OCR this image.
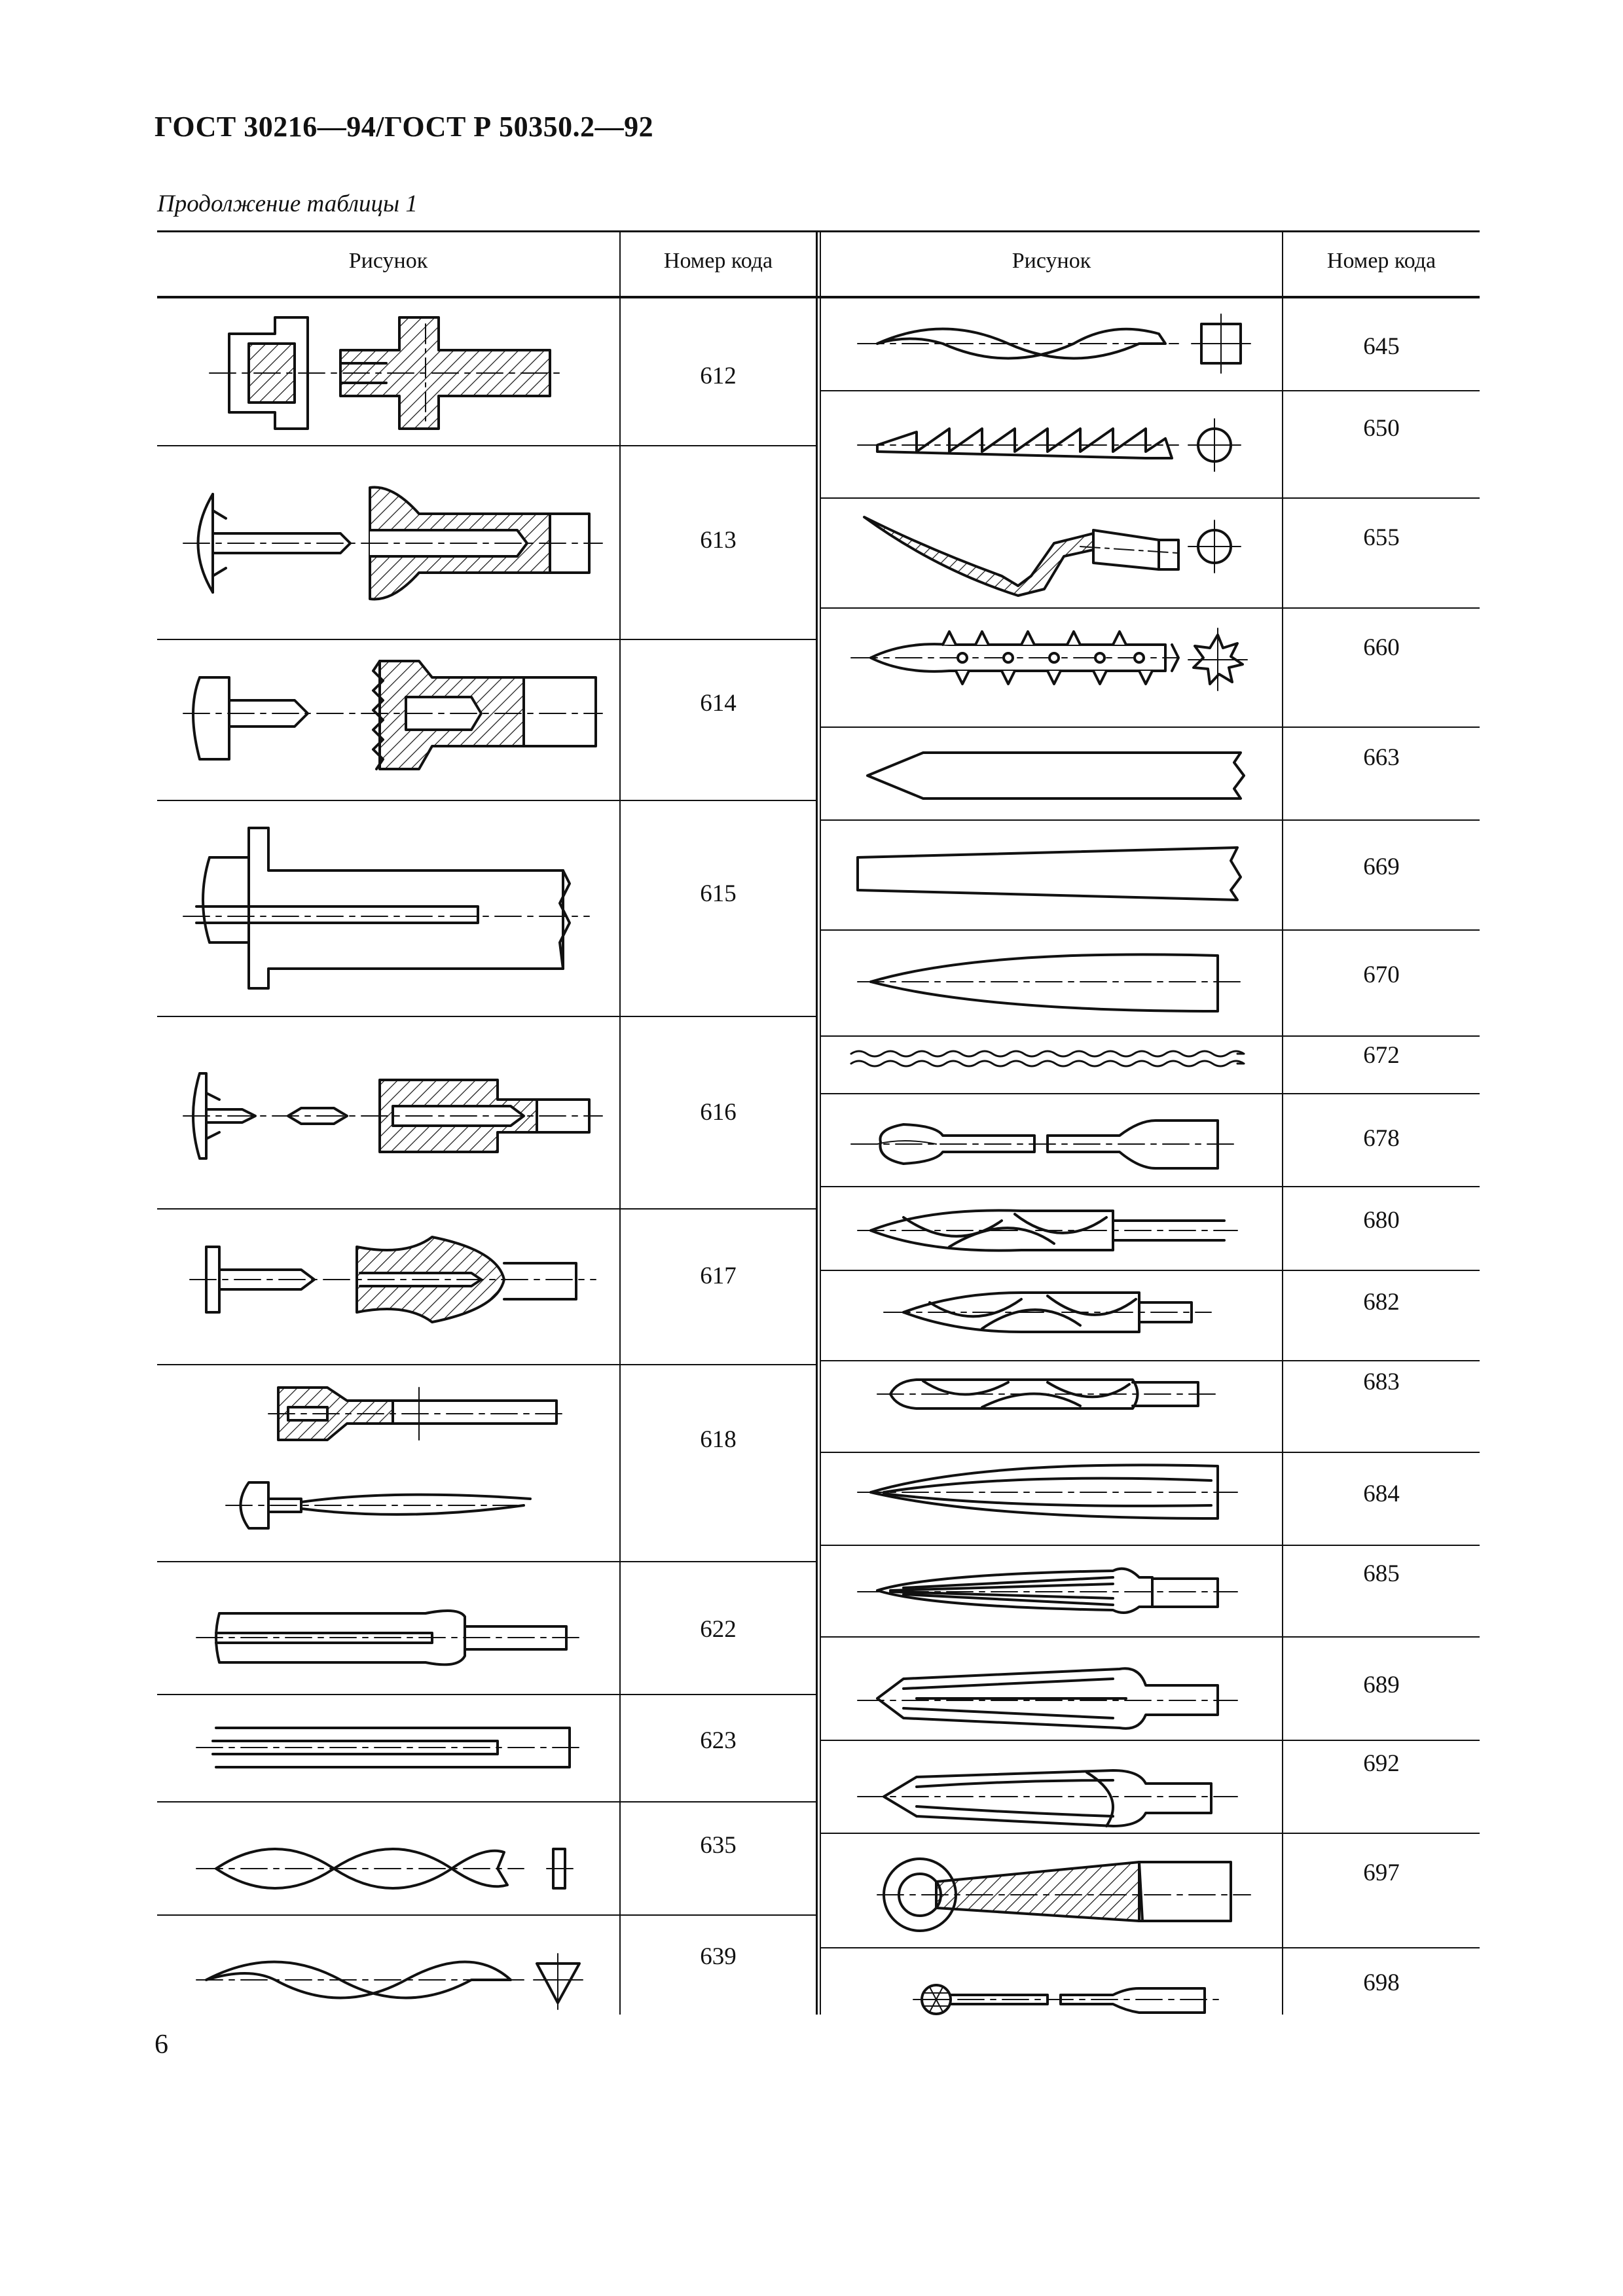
ГОСТ 30216—94/ГОСТ Р 50350.2—92
Продолжение таблицы 1
Рисунок	Номер кода	Рисунок	Номер кода
612
613
614
615
616
617
618
622
623
635
639
645
650
655
660
663
669
670
672
678
680
682
683
684
685
689
692
697
698
6
